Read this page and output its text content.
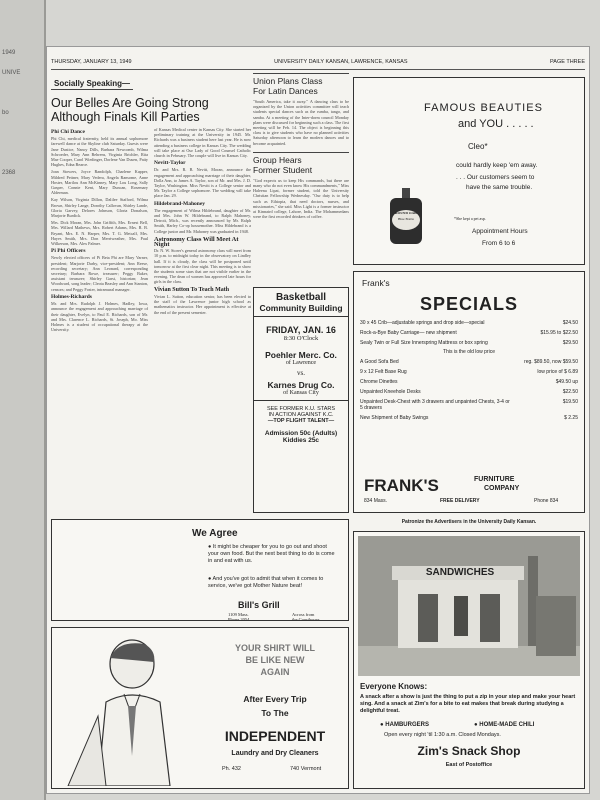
1949
UNIVE
bo
2368
THURSDAY, JANUARY 13, 1949	UNIVERSITY DAILY KANSAN, LAWRENCE, KANSAS	PAGE THREE
Socially Speaking—
Our Belles Are Going Strong
Although Finals Kill Parties
Phi Chi Dance

Phi Chi, medical fraternity, held its annual sophomore farewell dance at the Skyline club Saturday. Guests were Jane Dustice, Nancy Dills, Barbara Newcomb, Wilma Schroeder, Mary Ann Behrens, Virginia Brichler, Rita Mae Cooper, Carol Wiedinger, Dorlene Van Dusen, Patty Hughes, Edna Bearce.

Joan Stowers, Joyce Randolph, Charlene Kapper, Mildred Pettner, Mary Vedera, Angela Ransome, Anne Hoster, Marilou Ann McKinney, Mary Lou Long, Sally Gasper, Connie Kent, Mary Duncan, Rosemary Alderman.

Kay Wilson, Virginia Dillon, Dalilee Stafford, Wilma Brown, Shirley Lange, Dorothy Callovan, Shirley Lande, Gloria Garvey, Delores Johnson, Gloria Donalson, Marjorie Burdick.

Mrs. Dick Moran, Mrs. John Griffith, Mrs. Ernest Bell, Mrs. Willard Mathews, Mrs. Robert Adams, Mrs. R. B. Bryant, Mrs. E. N. Harper, Mrs. T. G. Metcalf, Mrs. Hayes Smith, Mrs. Don Merriweather, Mrs. Paul Wilkerson, Mrs. Alex Palmer.

Pi Phi Officers

Newly elected officers of Pi Beta Phi are Mary Varner, president; Marjorie Darby, vice-president; Ann Reese, recording secretary; Ann Leonard, corresponding secretary; Barbara Rowe, treasurer; Peggy Baker, assistant treasurer; Shirley Garst, historian; Jean Woodward, song leader; Cleota Beasley and Ann Stanton, censors; and Peggy Foster, intramural manager.

Holmes-Richards

Mr. and Mrs. Rudolph J. Holmes, Hadley, Iowa, announce the engagement and approaching marriage of their daughter, Evelyn, to Paul E. Richards, son of Mr. and Mrs. Clarence L. Richards, St. Joseph, Mo. Miss Holmes is a student of occupational therapy at the University.

of Kansas Medical center in Kansas City. She started her preliminary training at the University in 1945. Mr. Richards was a business student here last year. He is now attending a business college in Kansas City. The wedding will take place at Our Lady of Good Counsel Catholic church in February. The couple will live in Kansas City.

Nevitt-Taylor

Dr. and Mrs. R. B. Nevitt, Moran, announce the engagement and approaching marriage of their daughter, Dolla Ann, to James A. Taylor, son of Mr. and Mrs. J. D. Taylor, Washington. Miss Nevitt is a College senior and Mr. Taylor a College sophomore. The wedding will take place Jan. 29.

Hildebrand-Mahoney

The engagement of Wilma Hildebrand, daughter of Mr. and Mrs. John W. Hildebrand, to Ralph Mahoney, Detroit, Mich., was recently announced by Mr. Ralph Smith, Harley Co-op housemother. Miss Hildebrand is a College junior and Mr. Mahoney was graduated in 1948.

Astronomy Class Will Meet At Night

Dr. N. W. Storer's general astronomy class will meet from 10 p.m. to midnight today in the observatory on Lindley hall. If it is cloudy, the class will be postponed until tomorrow at the first clear night. This meeting is to show the students some stars that are not visible earlier in the evening. The dean of women has approved late hours for girls in the class.

Vivian Sutton To Teach Math

Vivian L. Sutton, education senior, has been elected to the staff of the Lawrence junior high school as mathematics instructor. Her appointment is effective at the end of the present semester.

Union Plans Class
For Latin Dances

"South America, take it away." A dancing class to be organized by the Union activities committee will teach students special dances such as the rumba, tango, and samba. At a meeting of the Inter-dorm council Monday plans were discussed for beginning such a class. The first meeting will be Feb. 14. The object is beginning this class is to give students who have no planned activities Saturday afternoon to learn the modern dances and to become acquainted.

Group Hears
Former Student

"God expects us to keep His commands, but there are many who do not even know His commandments," Miss Haleena Lipat, former student, told the University Christian Fellowship Wednesday. "Our duty is to help such as Ethiopia, that need doctors, nurses, and missionaries," she said. Miss Light is a former instructor at Kinnaird college, Lahore, India. The Mohammedans were the first recorded drinkers of coffee.

Basketball
Community Building
FRIDAY, JAN. 16
8:30 O'Clock
Poehler Merc. Co.
of Lawrence
vs.
Karnes Drug Co.
of Kansas City
SEE FORMER K.U. STARS
IN ACTION AGAINST K.C.
—TOP FLIGHT TALENT—
Admission 50c (Adults)
Kiddies 25c
FAMOUS BEAUTIES
and YOU . . . . .
Cleo*
could hardly keep 'em away.
. . . Our customers seem to
have the same trouble.
ROUND OAK
Blue Bottle	*She kept a pet asp.
Appointment Hours
From 6 to 6
Frank's
SPECIALS
30 x 45 Crib—adjustable springs and drop side—special	$24.50
Rock-a-Bye Baby Carriage— new shipment	$15.95 to $22.50
Sealy Twin or Full Size Innerspring Mattress or box spring	$29.50
This is the old low price
A Good Sofa Bed	reg. $89.50, now $59.50
9 x 12 Felt Base Rug	low price of $ 6.89
Chrome Dinettes	$49.50 up
Unpainted Kneehole Desks	$22.50
Unpainted Desk-Chest with 3 drawers and unpainted Chests, 3-4 or 5 drawers
$19.50
New Shipment of Baby Swings	$ 2.25
FRANK'S	FURNITURE
COMPANY
834 Mass.	FREE DELIVERY	Phone 834
We Agree
● It might be cheaper for you to go out and shoot your own food. But the next best thing to do is come in and eat with us.
● And you've got to admit that when it comes to service, we've got Mother Nature beat!
Bill's Grill
1109 Mass.
Phone 2054
Across from
the Courthouse
Patronize the Advertisers in the University Daily Kansan.
SANDWICHES
Everyone Knows:
A snack after a show is just the thing to put a zip in your step and make your heart sing. And a snack at Zim's for a bite to eat makes that break during studying a delightful treat.
● HAMBURGERS	● HOME-MADE CHILI
Open every night 'til 1:30 a.m. Closed Mondays.
Zim's Snack Shop
East of Postoffice
YOUR SHIRT WILL
BE LIKE NEW
AGAIN
After Every Trip
To The
INDEPENDENT
Laundry and Dry Cleaners
Ph. 432	740 Vermont
